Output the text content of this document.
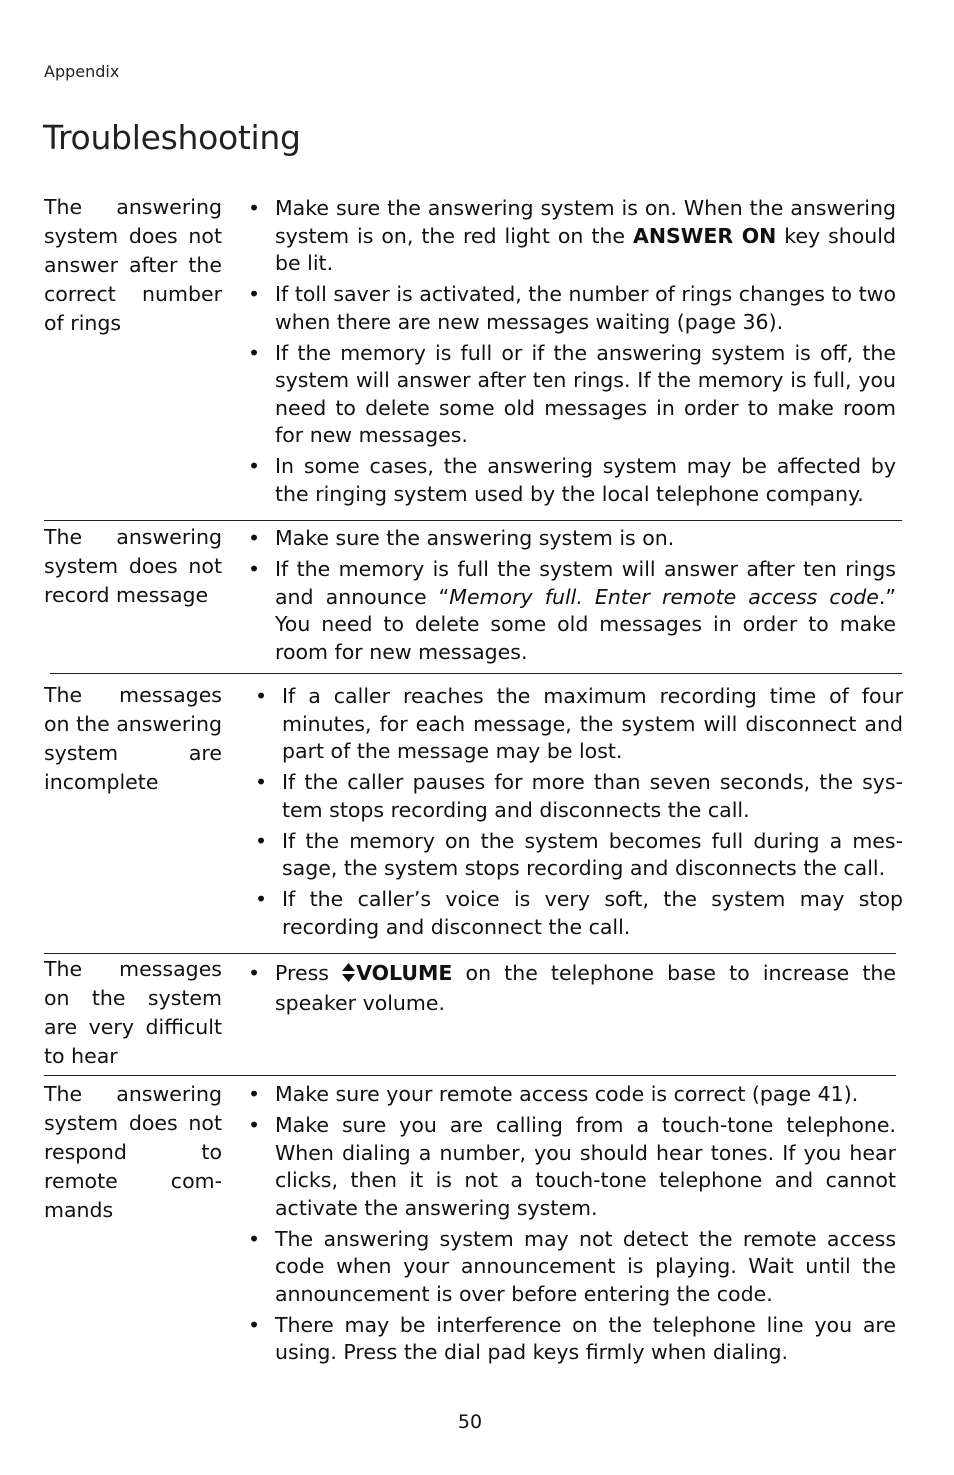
Appendix
Troubleshooting
The answering system does not answer after the correct number of rings
• Make sure the answering system is on. When the answering system is on, the red light on the ANSWER ON key should be lit.
• If toll saver is activated, the number of rings changes to two when there are new messages waiting (page 36).
• If the memory is full or if the answering system is off, the system will answer after ten rings. If the memory is full, you need to delete some old messages in order to make room for new messages.
• In some cases, the answering system may be affected by the ringing system used by the local telephone company.
The answering system does not record message
• Make sure the answering system is on.
• If the memory is full the system will answer after ten rings and announce “Memory full. Enter remote access code.” You need to delete some old messages in order to make room for new messages.
The messages on the answering system are incomplete
• If a caller reaches the maximum recording time of four minutes, for each message, the system will disconnect and part of the message may be lost.
• If the caller pauses for more than seven seconds, the system stops recording and disconnects the call.
• If the memory on the system becomes full during a message, the system stops recording and disconnects the call.
• If the caller’s voice is very soft, the system may stop recording and disconnect the call.
The messages on the system are very difficult to hear
• Press VOLUME on the telephone base to increase the speaker volume.
The answering system does not respond to remote commands
• Make sure your remote access code is correct (page 41).
• Make sure you are calling from a touch-tone telephone. When dialing a number, you should hear tones. If you hear clicks, then it is not a touch-tone telephone and cannot activate the answering system.
• The answering system may not detect the remote access code when your announcement is playing. Wait until the announcement is over before entering the code.
• There may be interference on the telephone line you are using. Press the dial pad keys firmly when dialing.
50
